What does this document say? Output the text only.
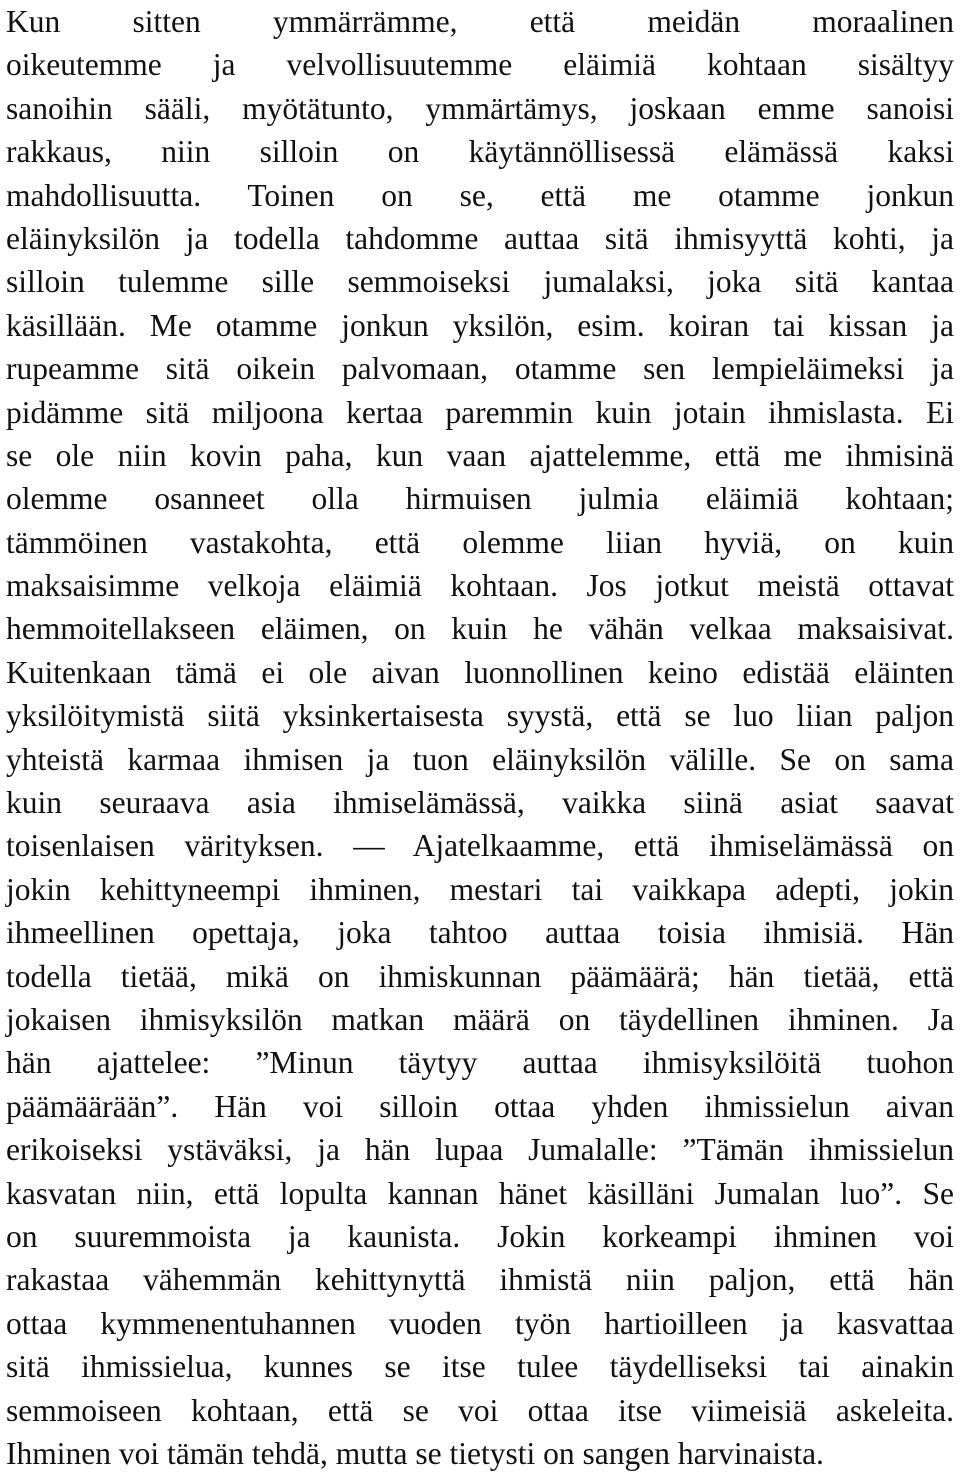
Kun sitten ymmärrämme, että meidän moraalinen
oikeutemme ja velvollisuutemme eläimiä kohtaan sisältyy
sanoihin sääli, myötätunto, ymmärtämys, joskaan emme sanoisi
rakkaus, niin silloin on käytännöllisessä elämässä kaksi
mahdollisuutta. Toinen on se, että me otamme jonkun
eläinyksilön ja todella tahdomme auttaa sitä ihmisyyttä kohti, ja
silloin tulemme sille semmoiseksi jumalaksi, joka sitä kantaa
käsillään. Me otamme jonkun yksilön, esim. koiran tai kissan ja
rupeamme sitä oikein palvomaan, otamme sen lempieläimeksi ja
pidämme sitä miljoona kertaa paremmin kuin jotain ihmislasta. Ei
se ole niin kovin paha, kun vaan ajattelemme, että me ihmisinä
olemme osanneet olla hirmuisen julmia eläimiä kohtaan;
tämmöinen vastakohta, että olemme liian hyviä, on kuin
maksaisimme velkoja eläimiä kohtaan. Jos jotkut meistä ottavat
hemmoitellakseen eläimen, on kuin he vähän velkaa maksaisivat.
Kuitenkaan tämä ei ole aivan luonnollinen keino edistää eläinten
yksilöitymistä siitä yksinkertaisesta syystä, että se luo liian paljon
yhteistä karmaa ihmisen ja tuon eläinyksilön välille. Se on sama
kuin seuraava asia ihmiselämässä, vaikka siinä asiat saavat
toisenlaisen värityksen. — Ajatelkaamme, että ihmiselämässä on
jokin kehittyneempi ihminen, mestari tai vaikkapa adepti, jokin
ihmeellinen opettaja, joka tahtoo auttaa toisia ihmisiä. Hän
todella tietää, mikä on ihmiskunnan päämäärä; hän tietää, että
jokaisen ihmisyksilön matkan määrä on täydellinen ihminen. Ja
hän ajattelee: ”Minun täytyy auttaa ihmisyksilöitä tuohon
päämäärään”. Hän voi silloin ottaa yhden ihmissielun aivan
erikoiseksi ystäväksi, ja hän lupaa Jumalalle: ”Tämän ihmissielun
kasvatan niin, että lopulta kannan hänet käsilläni Jumalan luo”. Se
on suuremmoista ja kaunista. Jokin korkeampi ihminen voi
rakastaa vähemmän kehittynyttä ihmistä niin paljon, että hän
ottaa kymmenentuhannen vuoden työn hartioilleen ja kasvattaa
sitä ihmissielua, kunnes se itse tulee täydelliseksi tai ainakin
semmoiseen kohtaan, että se voi ottaa itse viimeisiä askeleita.
Ihminen voi tämän tehdä, mutta se tietysti on sangen harvinaista.
